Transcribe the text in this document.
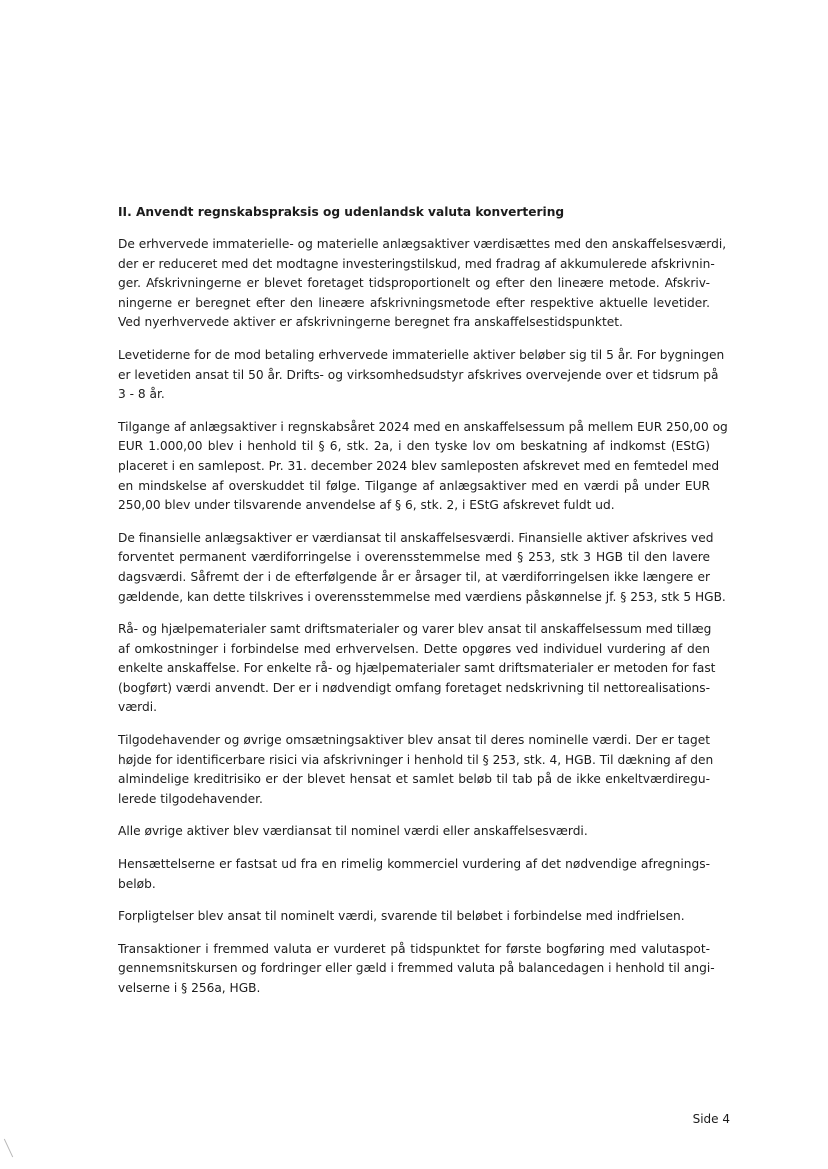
II. Anvendt regnskabspraksis og udenlandsk valuta konvertering
De erhvervede immaterielle- og materielle anlægsaktiver værdisættes med den anskaffelsesværdi,
der er reduceret med det modtagne investeringstilskud, med fradrag af akkumulerede afskrivnin-
ger. Afskrivningerne er blevet foretaget tidsproportionelt og efter den lineære metode. Afskriv-
ningerne er beregnet efter den lineære afskrivningsmetode efter respektive aktuelle levetider.
Ved nyerhvervede aktiver er afskrivningerne beregnet fra anskaffelsestidspunktet.
Levetiderne for de mod betaling erhvervede immaterielle aktiver beløber sig til 5 år. For bygningen
er levetiden ansat til 50 år. Drifts- og virksomhedsudstyr afskrives overvejende over et tidsrum på
3 - 8 år.
Tilgange af anlægsaktiver i regnskabsåret 2024 med en anskaffelsessum på mellem EUR 250,00 og
EUR 1.000,00 blev i henhold til § 6, stk. 2a, i den tyske lov om beskatning af indkomst (EStG)
placeret i en samlepost. Pr. 31. december 2024 blev samleposten afskrevet med en femtedel med
en mindskelse af overskuddet til følge. Tilgange af anlægsaktiver med en værdi på under EUR
250,00 blev under tilsvarende anvendelse af § 6, stk. 2, i EStG afskrevet fuldt ud.
De finansielle anlægsaktiver er værdiansat til anskaffelsesværdi. Finansielle aktiver afskrives ved
forventet permanent værdiforringelse i overensstemmelse med § 253, stk 3 HGB til den lavere
dagsværdi. Såfremt der i de efterfølgende år er årsager til, at værdiforringelsen ikke længere er
gældende, kan dette tilskrives i overensstemmelse med værdiens påskønnelse jf. § 253, stk 5 HGB.
Rå- og hjælpematerialer samt driftsmaterialer og varer blev ansat til anskaffelsessum med tillæg
af omkostninger i forbindelse med erhvervelsen. Dette opgøres ved individuel vurdering af den
enkelte anskaffelse. For enkelte rå- og hjælpematerialer samt driftsmaterialer er metoden for fast
(bogført) værdi anvendt. Der er i nødvendigt omfang foretaget nedskrivning til nettorealisations-
værdi.
Tilgodehavender og øvrige omsætningsaktiver blev ansat til deres nominelle værdi. Der er taget
højde for identificerbare risici via afskrivninger i henhold til § 253, stk. 4, HGB. Til dækning af den
almindelige kreditrisiko er der blevet hensat et samlet beløb til tab på de ikke enkeltværdiregu-
lerede tilgodehavender.
Alle øvrige aktiver blev værdiansat til nominel værdi eller anskaffelsesværdi.
Hensættelserne er fastsat ud fra en rimelig kommerciel vurdering af det nødvendige afregnings-
beløb.
Forpligtelser blev ansat til nominelt værdi, svarende til beløbet i forbindelse med indfrielsen.
Transaktioner i fremmed valuta er vurderet på tidspunktet for første bogføring med valutaspot-
gennemsnitskursen og fordringer eller gæld i fremmed valuta på balancedagen i henhold til angi-
velserne i § 256a, HGB.
Side 4
